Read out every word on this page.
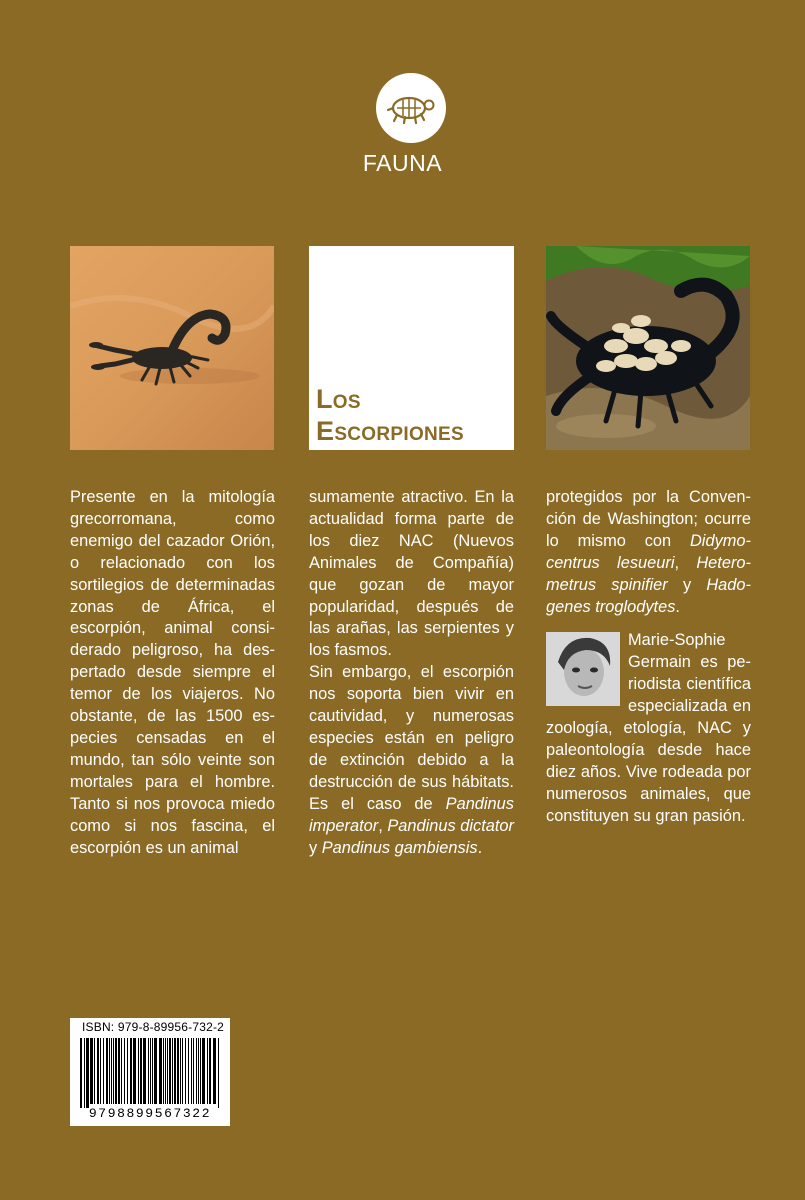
FAUNA
LOS
ESCORPIONES

Presente en la mitología grecorromana, como enemigo del cazador Orión, o relacionado con los sortilegios de determinadas zonas de África, el escorpión, animal considerado peligroso, ha despertado desde siempre el temor de los viajeros. No obstante, de las 1500 especies censadas en el mundo, tan sólo veinte son mortales para el hombre. Tanto si nos provoca miedo como si nos fascina, el escorpión es un animal

sumamente atractivo. En la actualidad forma parte de los diez NAC (Nuevos Animales de Compañía) que gozan de mayor popularidad, después de las arañas, las serpientes y los fasmos.

Sin embargo, el escorpión nos soporta bien vivir en cautividad, y numerosas especies están en peligro de extinción debido a la destrucción de sus hábitats. Es el caso de Pandinus imperator, Pandinus dictator y Pandinus gambiensis.

protegidos por la Convención de Washington; ocurre lo mismo con Didymocentrus lesueuri, Heterometrus spinifier y Hadogenes troglodytes.

Marie-Sophie Germain es periodista científica especializada en zoología, etología, NAC y paleontología desde hace diez años. Vive rodeada por numerosos animales, que constituyen su gran pasión.

ISBN: 979-8-89956-732-2
9798899567322
